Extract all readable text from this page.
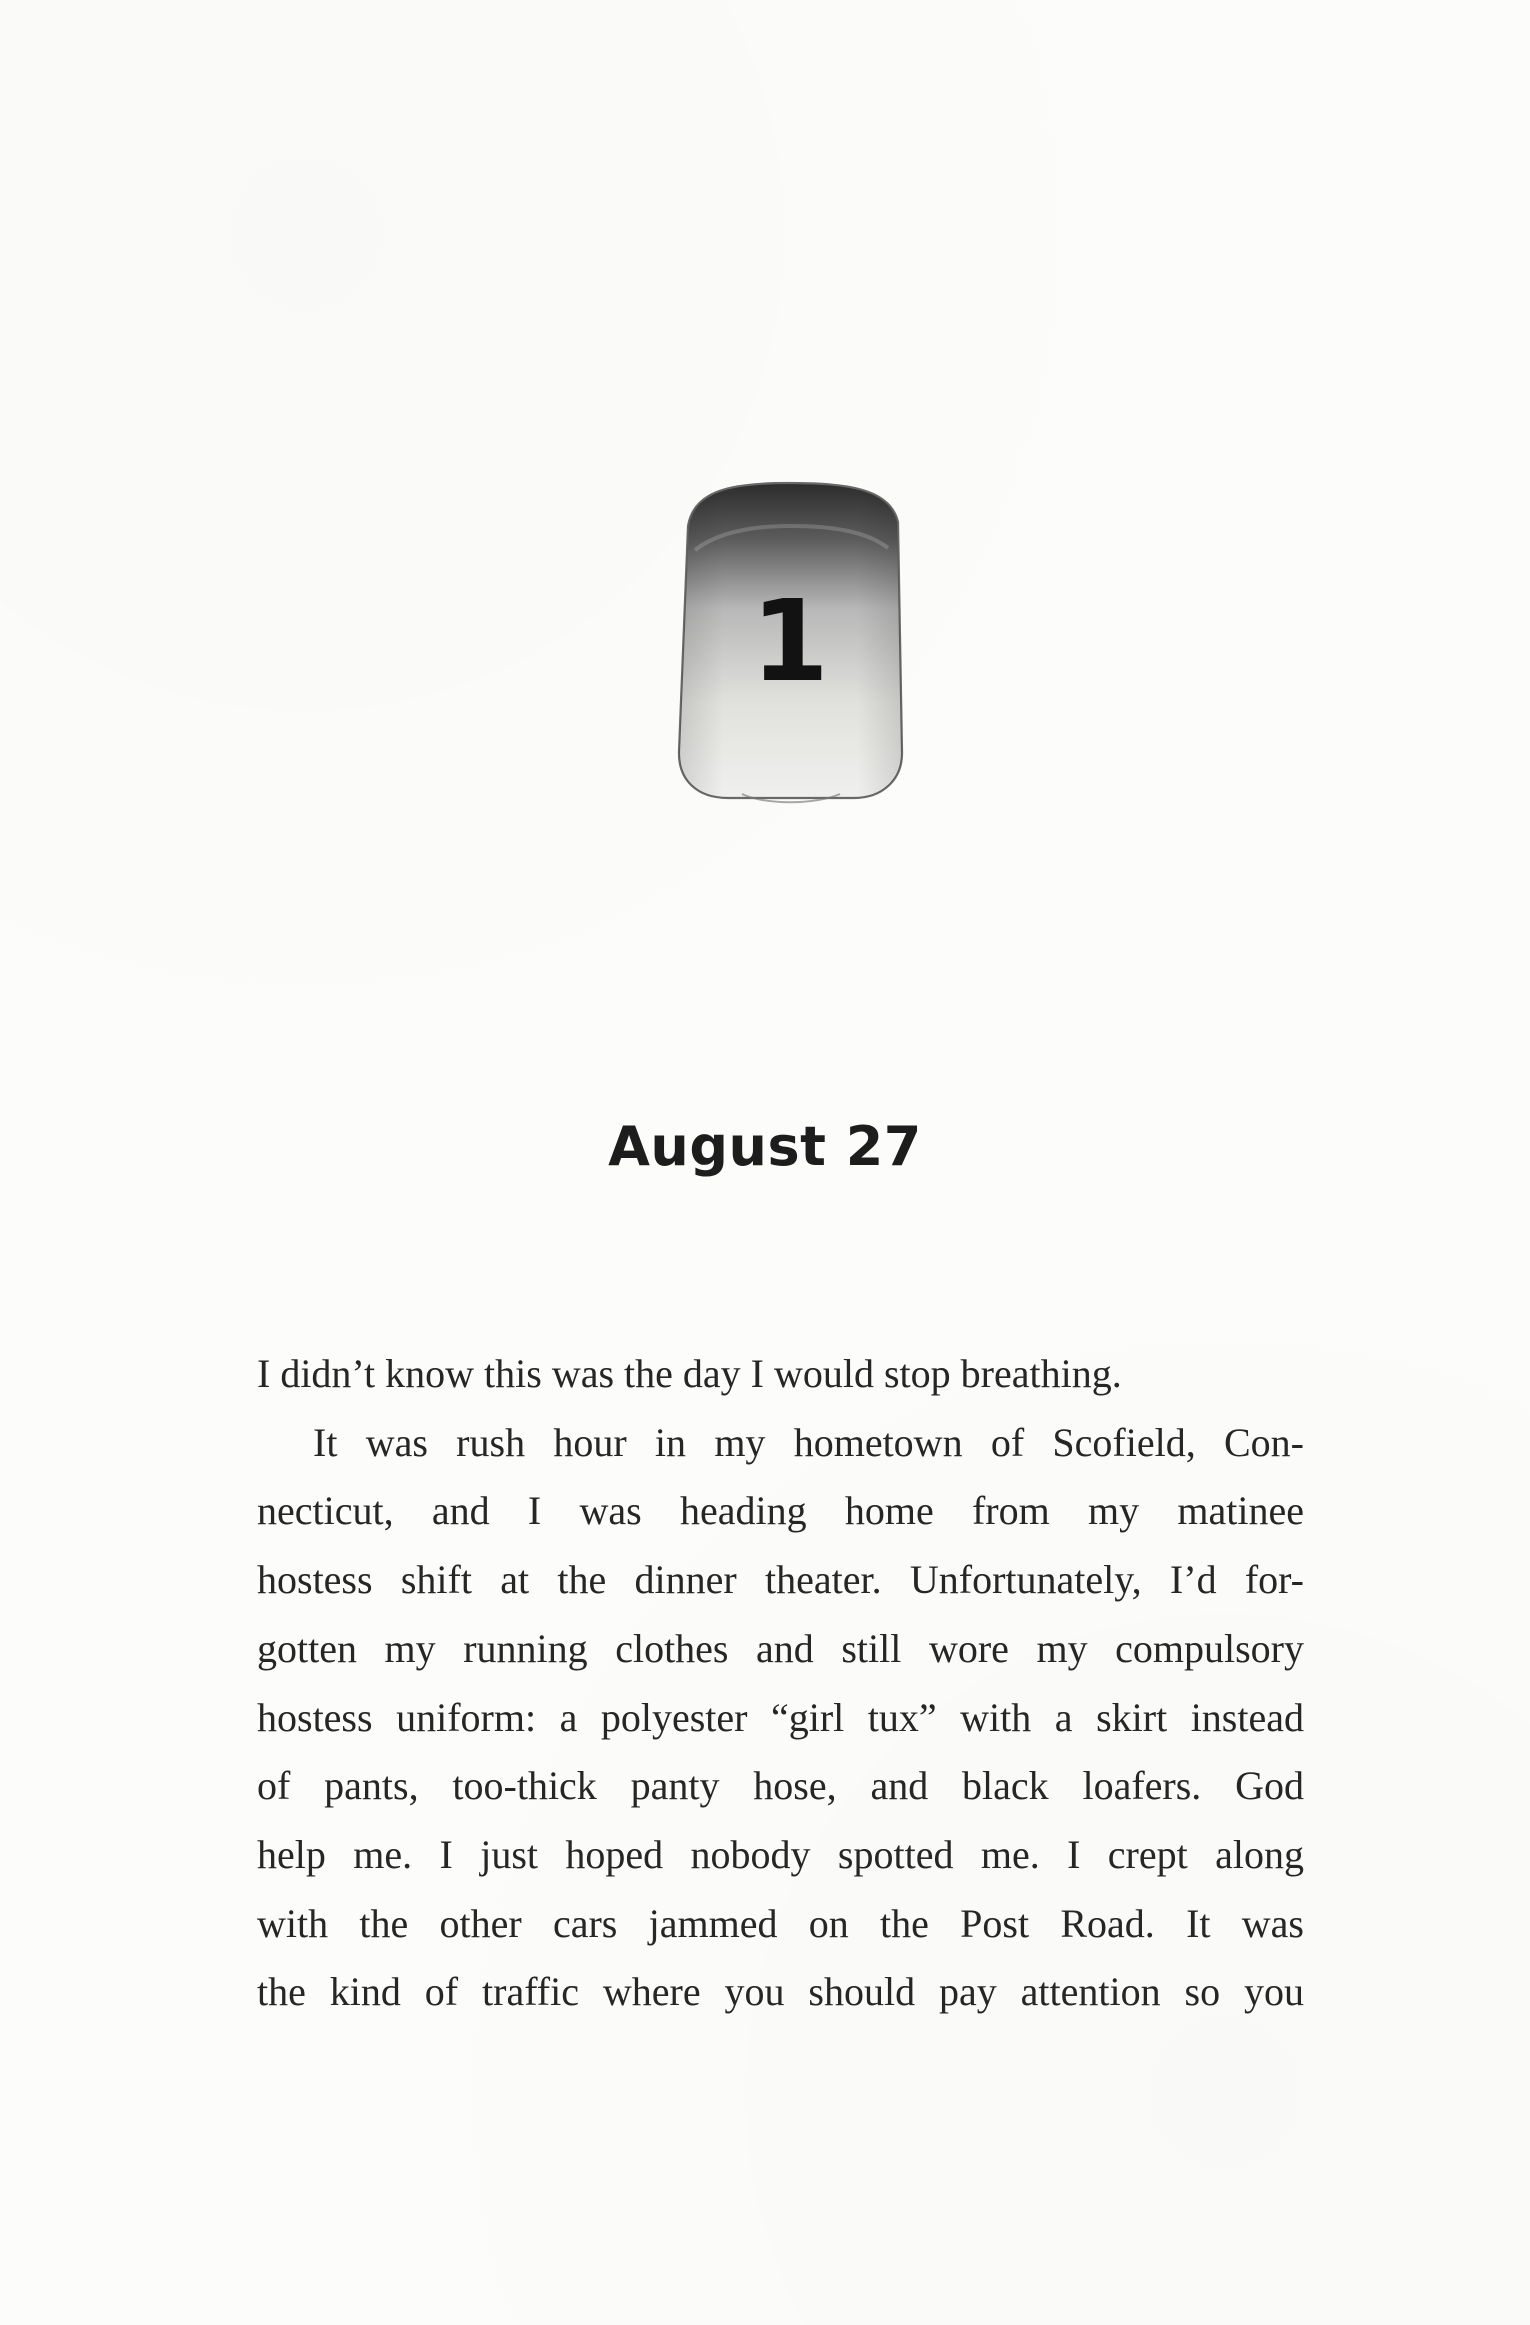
1
August 27

I didn’t know this was the day I would stop breathing.

It was rush hour in my hometown of Scofield, Con-
necticut, and I was heading home from my matinee
hostess shift at the dinner theater. Unfortunately, I’d for-
gotten my running clothes and still wore my compulsory
hostess uniform: a polyester “girl tux” with a skirt instead
of pants, too-thick panty hose, and black loafers. God
help me. I just hoped nobody spotted me. I crept along
with the other cars jammed on the Post Road. It was
the kind of traffic where you should pay attention so you
